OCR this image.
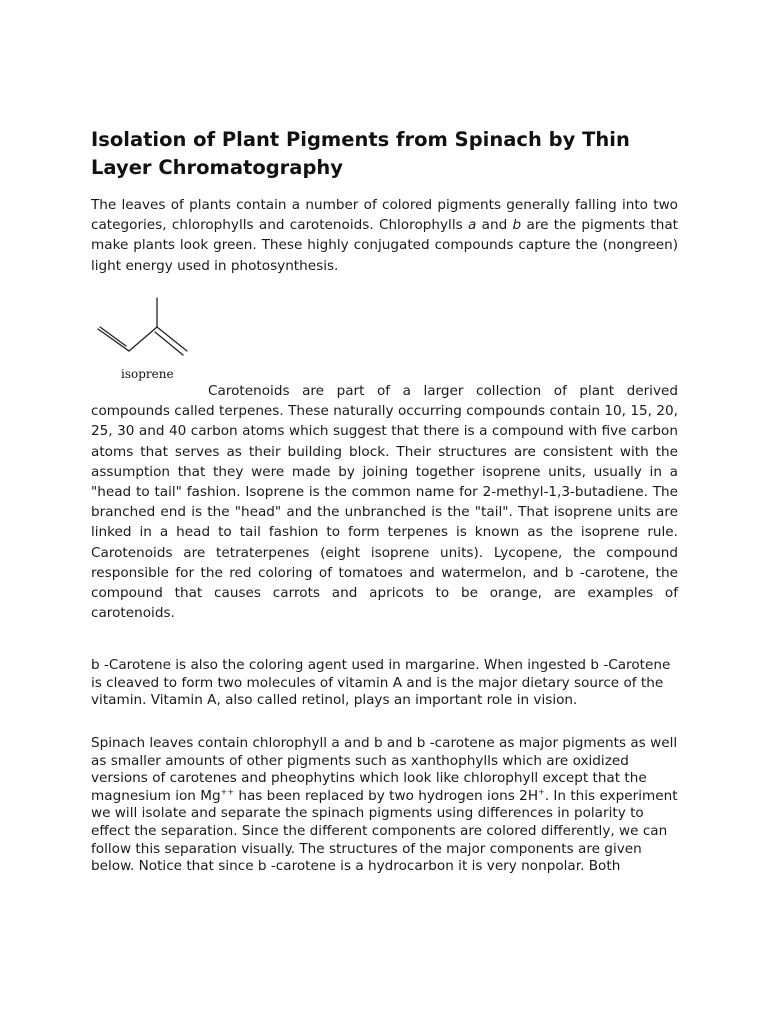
Isolation of Plant Pigments from Spinach by Thin Layer Chromatography

The leaves of plants contain a number of colored pigments generally falling into two categories, chlorophylls and carotenoids. Chlorophylls a and b are the pigments that make plants look green. These highly conjugated compounds capture the (nongreen) light energy used in photosynthesis.

isoprene

Carotenoids are part of a larger collection of plant derived compounds called terpenes. These naturally occurring compounds contain 10, 15, 20, 25, 30 and 40 carbon atoms which suggest that there is a compound with five carbon atoms that serves as their building block. Their structures are consistent with the assumption that they were made by joining together isoprene units, usually in a "head to tail" fashion. Isoprene is the common name for 2-methyl-1,3-butadiene. The branched end is the "head" and the unbranched is the "tail". That isoprene units are linked in a head to tail fashion to form terpenes is known as the isoprene rule. Carotenoids are tetraterpenes (eight isoprene units). Lycopene, the compound responsible for the red coloring of tomatoes and watermelon, and b -carotene, the compound that causes carrots and apricots to be orange, are examples of carotenoids.

b -Carotene is also the coloring agent used in margarine. When ingested b -Carotene is cleaved to form two molecules of vitamin A and is the major dietary source of the vitamin. Vitamin A, also called retinol, plays an important role in vision.

Spinach leaves contain chlorophyll a and b and b -carotene as major pigments as well as smaller amounts of other pigments such as xanthophylls which are oxidized versions of carotenes and pheophytins which look like chlorophyll except that the magnesium ion Mg++ has been replaced by two hydrogen ions 2H+. In this experiment we will isolate and separate the spinach pigments using differences in polarity to effect the separation. Since the different components are colored differently, we can follow this separation visually. The structures of the major components are given below. Notice that since b -carotene is a hydrocarbon it is very nonpolar. Both
